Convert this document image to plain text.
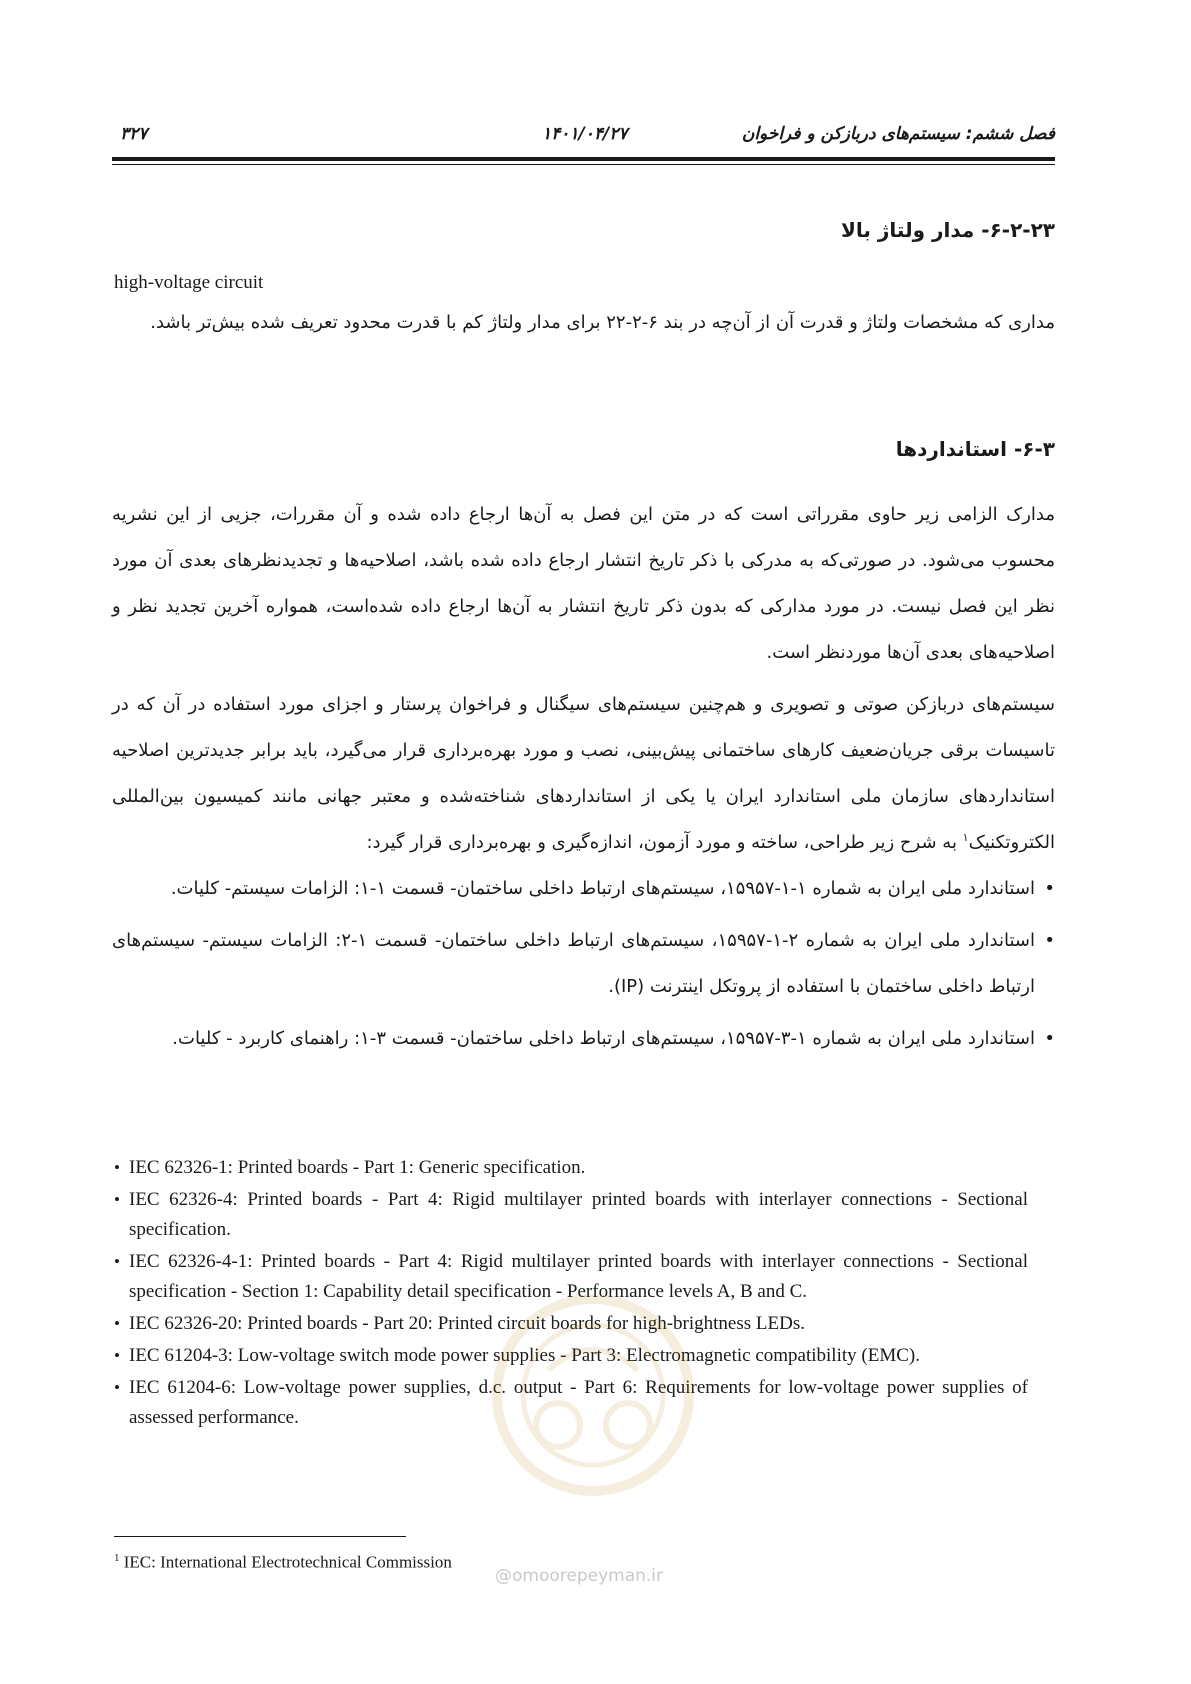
۳۲۷	۱۴۰۱/۰۴/۲۷	فصل ششم: سیستم‌های دربازکن و فراخوان
۶-۲-۲۳- مدار ولتاژ بالا
high-voltage circuit
مداری که مشخصات ولتاژ و قدرت آن از آن‌چه در بند ۶-۲-۲۲ برای مدار ولتاژ کم با قدرت محدود تعریف شده بیش‌تر باشد.
۶-۳- استانداردها
مدارک الزامی زیر حاوی مقرراتی است که در متن این فصل به آن‌ها ارجاع داده شده و آن مقررات، جزیی از این نشریه محسوب می‌شود. در صورتی‌که به مدرکی با ذکر تاریخ انتشار ارجاع داده شده باشد، اصلاحیه‌ها و تجدیدنظرهای بعدی آن مورد نظر این فصل نیست. در مورد مدارکی که بدون ذکر تاریخ انتشار به آن‌ها ارجاع داده شده‌است، همواره آخرین تجدید نظر و اصلاحیه‌های بعدی آن‌ها موردنظر است.
سیستم‌های دربازکن صوتی و تصویری و هم‌چنین سیستم‌های سیگنال و فراخوان پرستار و اجزای مورد استفاده در آن که در تاسیسات برقی جریان‌ضعیف کارهای ساختمانی پیش‌بینی، نصب و مورد بهره‌برداری قرار می‌گیرد، باید برابر جدیدترین اصلاحیه استانداردهای سازمان ملی استاندارد ایران یا یکی از استانداردهای شناخته‌شده و معتبر جهانی مانند کمیسیون بین‌المللی الکتروتکنیک$^۱$ به شرح زیر طراحی، ساخته و مورد آزمون، اندازه‌گیری و بهره‌برداری قرار گیرد:
• استاندارد ملی ایران به شماره ۱-۱-۱۵۹۵۷، سیستم‌های ارتباط داخلی ساختمان- قسمت ۱-۱: الزامات سیستم- کلیات.
• استاندارد ملی ایران به شماره ۲-۱-۱۵۹۵۷، سیستم‌های ارتباط داخلی ساختمان- قسمت ۱-۲: الزامات سیستم- سیستم‌های ارتباط داخلی ساختمان با استفاده از پروتکل اینترنت (IP).
• استاندارد ملی ایران به شماره ۱-۳-۱۵۹۵۷، سیستم‌های ارتباط داخلی ساختمان- قسمت ۳-۱: راهنمای کاربرد - کلیات.
• IEC 62326-1: Printed boards - Part 1: Generic specification.
• IEC 62326-4: Printed boards - Part 4: Rigid multilayer printed boards with interlayer connections - Sectional specification.
• IEC 62326-4-1: Printed boards - Part 4: Rigid multilayer printed boards with interlayer connections - Sectional specification - Section 1: Capability detail specification - Performance levels A, B and C.
• IEC 62326-20: Printed boards - Part 20: Printed circuit boards for high-brightness LEDs.
• IEC 61204-3: Low-voltage switch mode power supplies - Part 3: Electromagnetic compatibility (EMC).
• IEC 61204-6: Low-voltage power supplies, d.c. output - Part 6: Requirements for low-voltage power supplies of assessed performance.
@omoorepeyman.ir
$^1$ IEC: International Electrotechnical Commission
